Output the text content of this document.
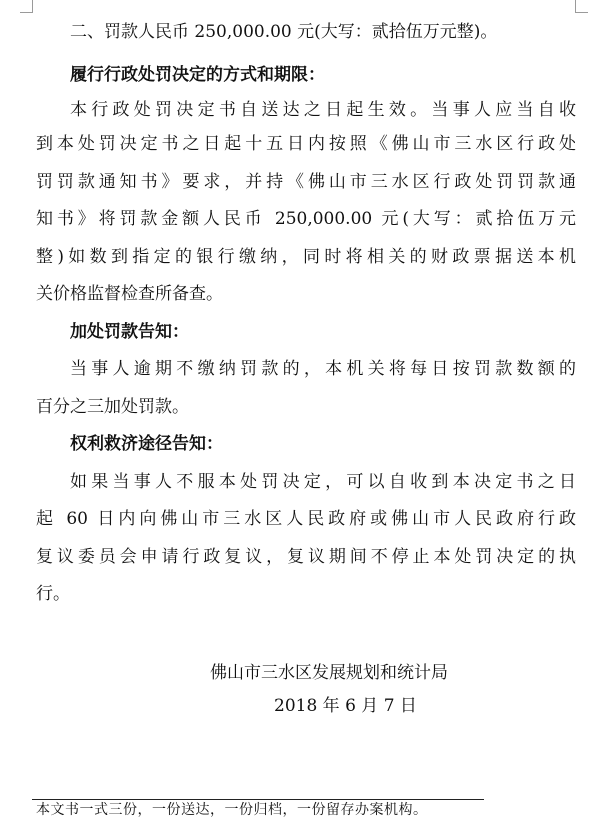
二、罚款人民币 250,000.00 元(大写：贰拾伍万元整)。
履行行政处罚决定的方式和期限：
本行政处罚决定书自送达之日起生效。当事人应当自收
到本处罚决定书之日起十五日内按照《佛山市三水区行政处
罚罚款通知书》要求，并持《佛山市三水区行政处罚罚款通
知书》将罚款金额人民币 250,000.00 元(大写：贰拾伍万元
整)如数到指定的银行缴纳，同时将相关的财政票据送本机
关价格监督检查所备查。
加处罚款告知：
当事人逾期不缴纳罚款的，本机关将每日按罚款数额的
百分之三加处罚款。
权利救济途径告知：
如果当事人不服本处罚决定，可以自收到本决定书之日
起 60 日内向佛山市三水区人民政府或佛山市人民政府行政
复议委员会申请行政复议，复议期间不停止本处罚决定的执
行。
佛山市三水区发展规划和统计局
2018 年 6 月 7 日
本文书一式三份，一份送达，一份归档，一份留存办案机构。
